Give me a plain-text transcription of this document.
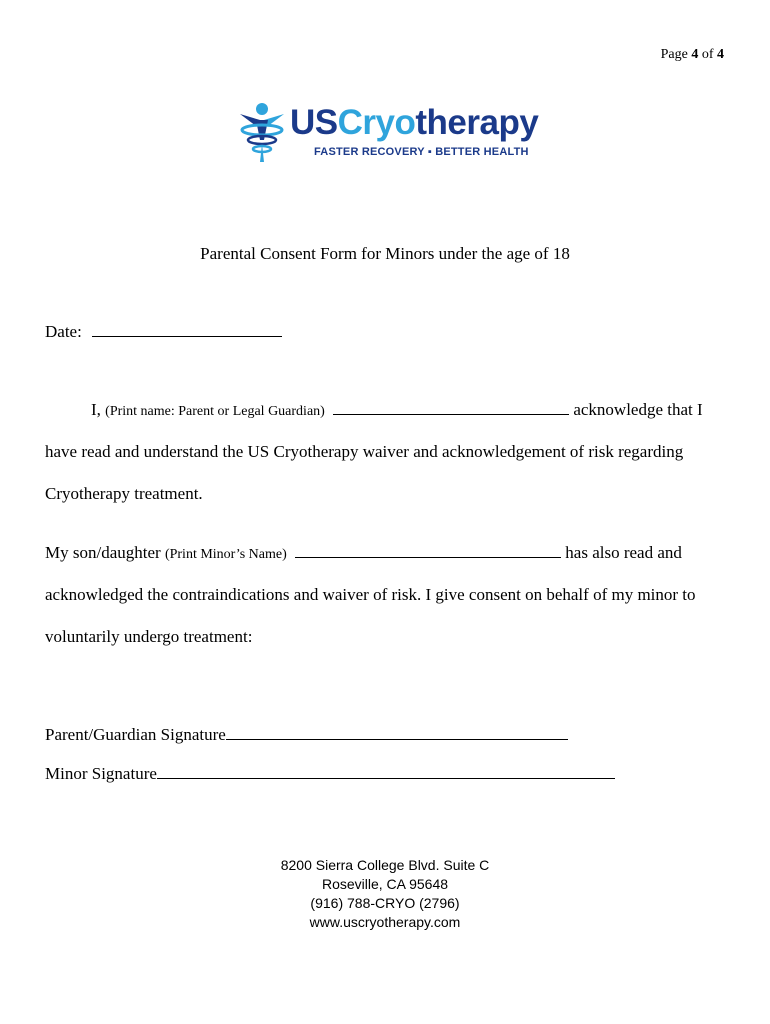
Page 4 of 4
USCryotherapy
FASTER RECOVERY ▪ BETTER HEALTH
Parental Consent Form for Minors under the age of 18
Date:
I, (Print name: Parent or Legal Guardian)	acknowledge that I
have read and understand the US Cryotherapy waiver and acknowledgement of risk regarding
Cryotherapy treatment.
My son/daughter (Print Minor’s Name)	has also read and
acknowledged the contraindications and waiver of risk. I give consent on behalf of my minor to
voluntarily undergo treatment:
Parent/Guardian Signature
Minor Signature
8200 Sierra College Blvd. Suite C
Roseville, CA 95648
(916) 788-CRYO (2796)
www.uscryotherapy.com
